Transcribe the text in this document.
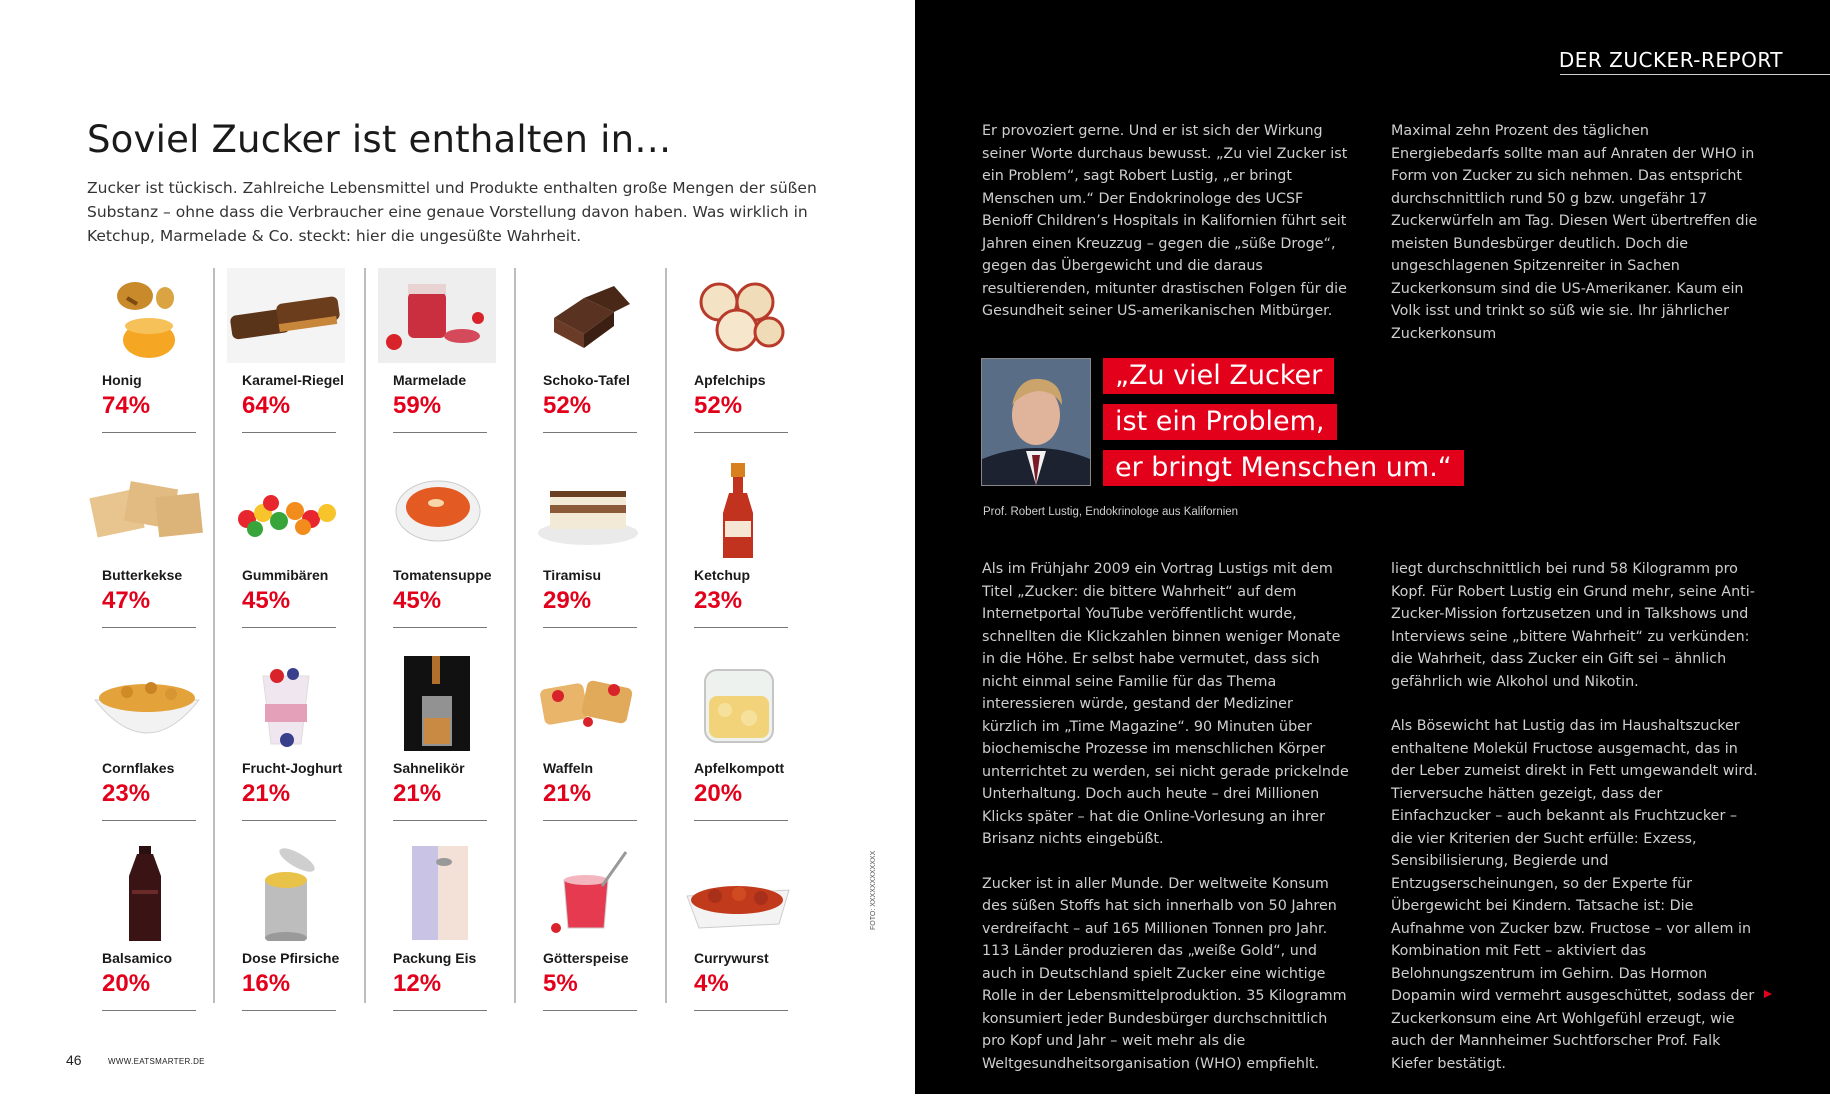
Soviel Zucker ist enthalten in…

Zucker ist tückisch. Zahlreiche Lebensmittel und Produkte enthalten große Mengen der süßen Substanz – ohne dass die Verbraucher eine genaue Vorstellung davon haben. Was wirklich in Ketchup, Marmelade & Co. steckt: hier die ungesüßte Wahrheit.

Honig
74%
Karamel-Riegel
64%
Marmelade
59%
Schoko-Tafel
52%
Apfelchips
52%
Butterkekse
47%
Gummibären
45%
Tomatensuppe
45%
Tiramisu
29%
Ketchup
23%
Cornflakes
23%
Frucht-Joghurt
21%
Sahnelikör
21%
Waffeln
21%
Apfelkompott
20%
Balsamico
20%
Dose Pfirsiche
16%
Packung Eis
12%
Götterspeise
5%
Currywurst
4%
FOTO: XXXXXXXXXXXX
46	WWW.EATSMARTER.DE
DER ZUCKER-REPORT

Er provoziert gerne. Und er ist sich der Wirkung seiner Worte durchaus bewusst. „Zu viel Zucker ist ein Problem“, sagt Robert Lustig, „er bringt Menschen um.“ Der Endokrinologe des UCSF Benioff Children’s Hospitals in Kalifornien führt seit Jahren einen Kreuzzug – gegen die „süße Droge“, gegen das Übergewicht und die daraus resultierenden, mitunter drastischen Folgen für die Gesundheit seiner US-amerikanischen Mitbürger.

Maximal zehn Prozent des täglichen Energiebedarfs sollte man auf Anraten der WHO in Form von Zucker zu sich nehmen. Das entspricht durchschnittlich rund 50 g bzw. ungefähr 17 Zuckerwürfeln am Tag. Diesen Wert übertreffen die meisten Bundesbürger deutlich. Doch die ungeschlagenen Spitzenreiter in Sachen Zuckerkonsum sind die US-Amerikaner. Kaum ein Volk isst und trinkt so süß wie sie. Ihr jährlicher Zuckerkonsum

„Zu viel Zucker
ist ein Problem,
er bringt Menschen um.“
Prof. Robert Lustig, Endokrinologe aus Kalifornien

Als im Frühjahr 2009 ein Vortrag Lustigs mit dem Titel „Zucker: die bittere Wahrheit“ auf dem Internetportal YouTube veröffentlicht wurde, schnellten die Klickzahlen binnen weniger Monate in die Höhe. Er selbst habe vermutet, dass sich nicht einmal seine Familie für das Thema interessieren würde, gestand der Mediziner kürzlich im „Time Magazine“. 90 Minuten über biochemische Prozesse im menschlichen Körper unterrichtet zu werden, sei nicht gerade prickelnde Unterhaltung. Doch auch heute – drei Millionen Klicks später – hat die Online-Vorlesung an ihrer Brisanz nichts eingebüßt.

Zucker ist in aller Munde. Der weltweite Konsum des süßen Stoffs hat sich innerhalb von 50 Jahren verdreifacht – auf 165 Millionen Tonnen pro Jahr. 113 Länder produzieren das „weiße Gold“, und auch in Deutschland spielt Zucker eine wichtige Rolle in der Lebensmittelproduktion. 35 Kilogramm konsumiert jeder Bundesbürger durchschnittlich pro Kopf und Jahr – weit mehr als die Weltgesundheitsorganisation (WHO) empfiehlt.

liegt durchschnittlich bei rund 58 Kilogramm pro Kopf. Für Robert Lustig ein Grund mehr, seine Anti-Zucker-Mission fortzusetzen und in Talkshows und Interviews seine „bittere Wahrheit“ zu verkünden: die Wahrheit, dass Zucker ein Gift sei – ähnlich gefährlich wie Alkohol und Nikotin.

Als Bösewicht hat Lustig das im Haushaltszucker enthaltene Molekül Fructose ausgemacht, das in der Leber zumeist direkt in Fett umgewandelt wird. Tierversuche hätten gezeigt, dass der Einfachzucker – auch bekannt als Fruchtzucker – die vier Kriterien der Sucht erfülle: Exzess, Sensibilisierung, Begierde und Entzugserscheinungen, so der Experte für Übergewicht bei Kindern. Tatsache ist: Die Aufnahme von Zucker bzw. Fructose – vor allem in Kombination mit Fett – aktiviert das Belohnungszentrum im Gehirn. Das Hormon Dopamin wird vermehrt ausgeschüttet, sodass der Zuckerkonsum eine Art Wohlgefühl erzeugt, wie auch der Mannheimer Suchtforscher Prof. Falk Kiefer bestätigt.
